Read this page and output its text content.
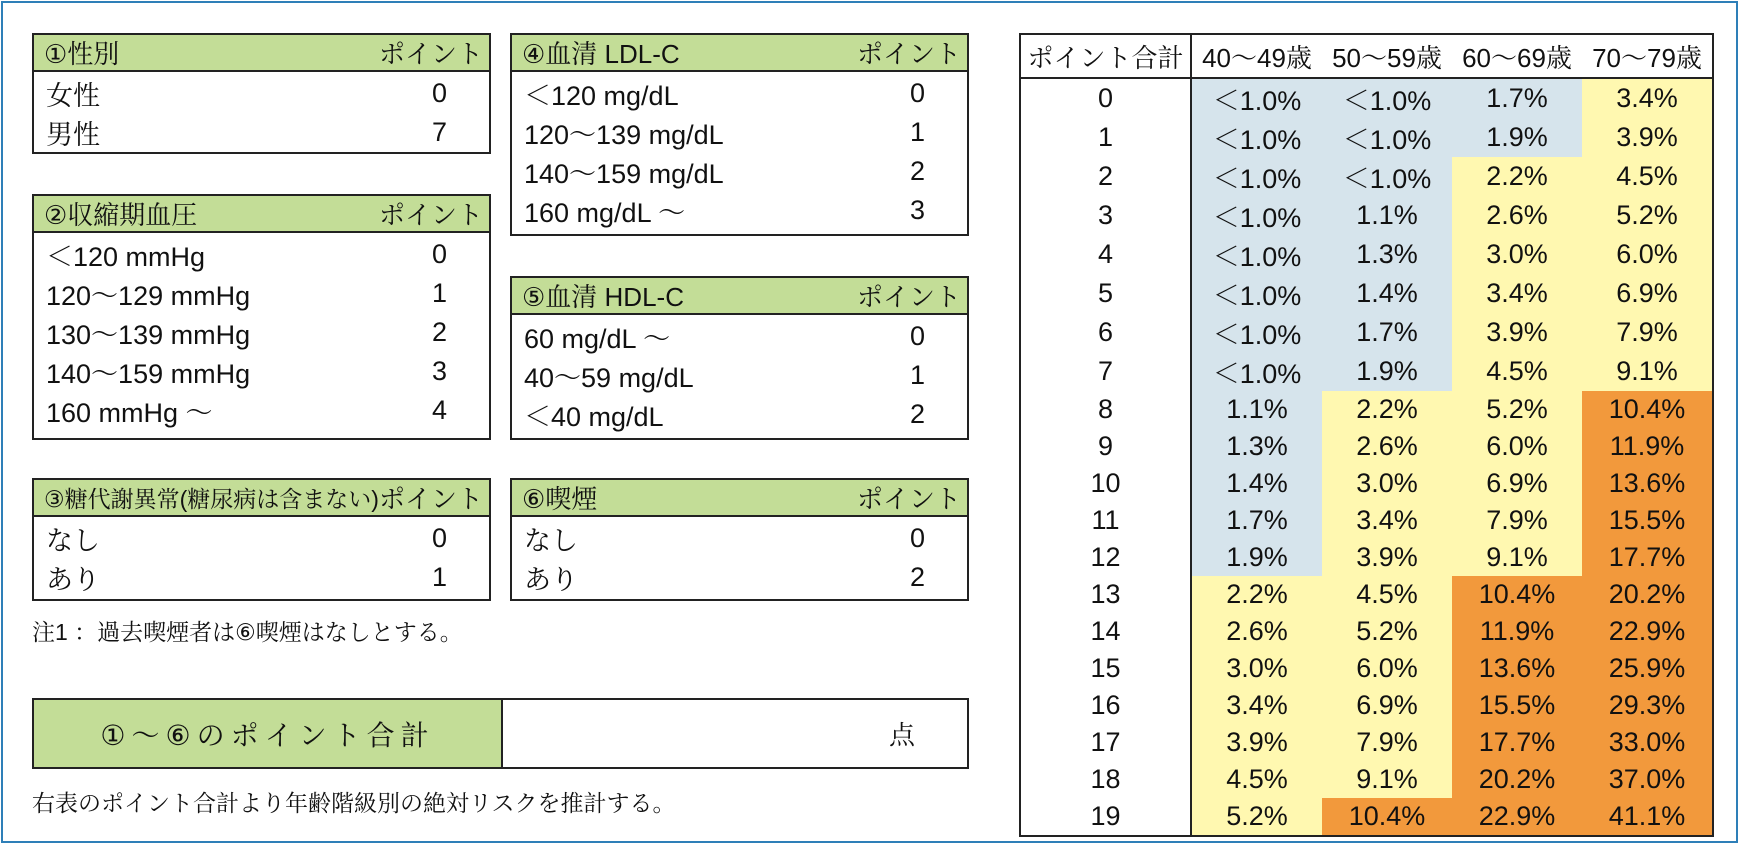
①性別	ポイント
女性	0
男性	7
②収縮期血圧	ポイント
＜120 mmHg	0
120～129 mmHg	1
130～139 mmHg	2
140～159 mmHg	3
160 mmHg ～	4
③糖代謝異常(糖尿病は含まない) ポイント
なし	0
あり	1
④血清 LDL-C	ポイント
＜120 mg/dL	0
120～139 mg/dL	1
140～159 mg/dL	2
160 mg/dL ～	3
⑤血清 HDL-C	ポイント
60 mg/dL ～	0
40～59 mg/dL	1
＜40 mg/dL	2
⑥喫煙	ポイント
なし	0
あり	2
注1 ：過去喫煙者は⑥喫煙はなしとする。
①～⑥のポイント合計	点
右表のポイント合計より年齢階級別の絶対リスクを推計する。
ポイント合計	40～49歳	50～59歳	60～69歳	70～79歳
0	＜1.0%	＜1.0%	1.7%	3.4%
1	＜1.0%	＜1.0%	1.9%	3.9%
2	＜1.0%	＜1.0%	2.2%	4.5%
3	＜1.0%	1.1%	2.6%	5.2%
4	＜1.0%	1.3%	3.0%	6.0%
5	＜1.0%	1.4%	3.4%	6.9%
6	＜1.0%	1.7%	3.9%	7.9%
7	＜1.0%	1.9%	4.5%	9.1%
8	1.1%	2.2%	5.2%	10.4%
9	1.3%	2.6%	6.0%	11.9%
10	1.4%	3.0%	6.9%	13.6%
11	1.7%	3.4%	7.9%	15.5%
12	1.9%	3.9%	9.1%	17.7%
13	2.2%	4.5%	10.4%	20.2%
14	2.6%	5.2%	11.9%	22.9%
15	3.0%	6.0%	13.6%	25.9%
16	3.4%	6.9%	15.5%	29.3%
17	3.9%	7.9%	17.7%	33.0%
18	4.5%	9.1%	20.2%	37.0%
19	5.2%	10.4%	22.9%	41.1%
